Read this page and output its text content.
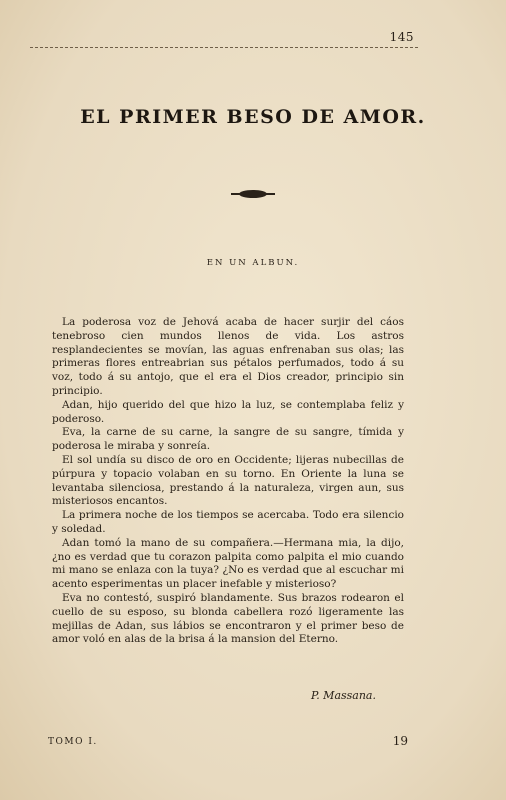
145
EL PRIMER BESO DE AMOR.
EN UN ALBUN.

La poderosa voz de Jehová acaba de hacer surjir del cáos tenebroso cien mundos llenos de vida. Los astros resplandecientes se movían, las aguas enfrenaban sus olas; las primeras flores entreabrian sus pétalos perfumados, todo á su voz, todo á su antojo, que el era el Dios creador, principio sin principio.

Adan, hijo querido del que hizo la luz, se contemplaba feliz y poderoso.

Eva, la carne de su carne, la sangre de su sangre, tímida y poderosa le miraba y sonreía.

El sol undía su disco de oro en Occidente; lijeras nubecillas de púrpura y topacio volaban en su torno. En Oriente la luna se levantaba silenciosa, prestando á la naturaleza, virgen aun, sus misteriosos encantos.

La primera noche de los tiempos se acercaba. Todo era silencio y soledad.

Adan tomó la mano de su compañera.—Hermana mia, la dijo, ¿no es verdad que tu corazon palpita como palpita el mio cuando mi mano se enlaza con la tuya? ¿No es verdad que al escuchar mi acento esperimentas un placer inefable y misterioso?

Eva no contestó, suspiró blandamente. Sus brazos rodearon el cuello de su esposo, su blonda cabellera rozó ligeramente las mejillas de Adan, sus lábios se encontraron y el primer beso de amor voló en alas de la brisa á la mansion del Eterno.

P. Massana.
TOMO I.	19
